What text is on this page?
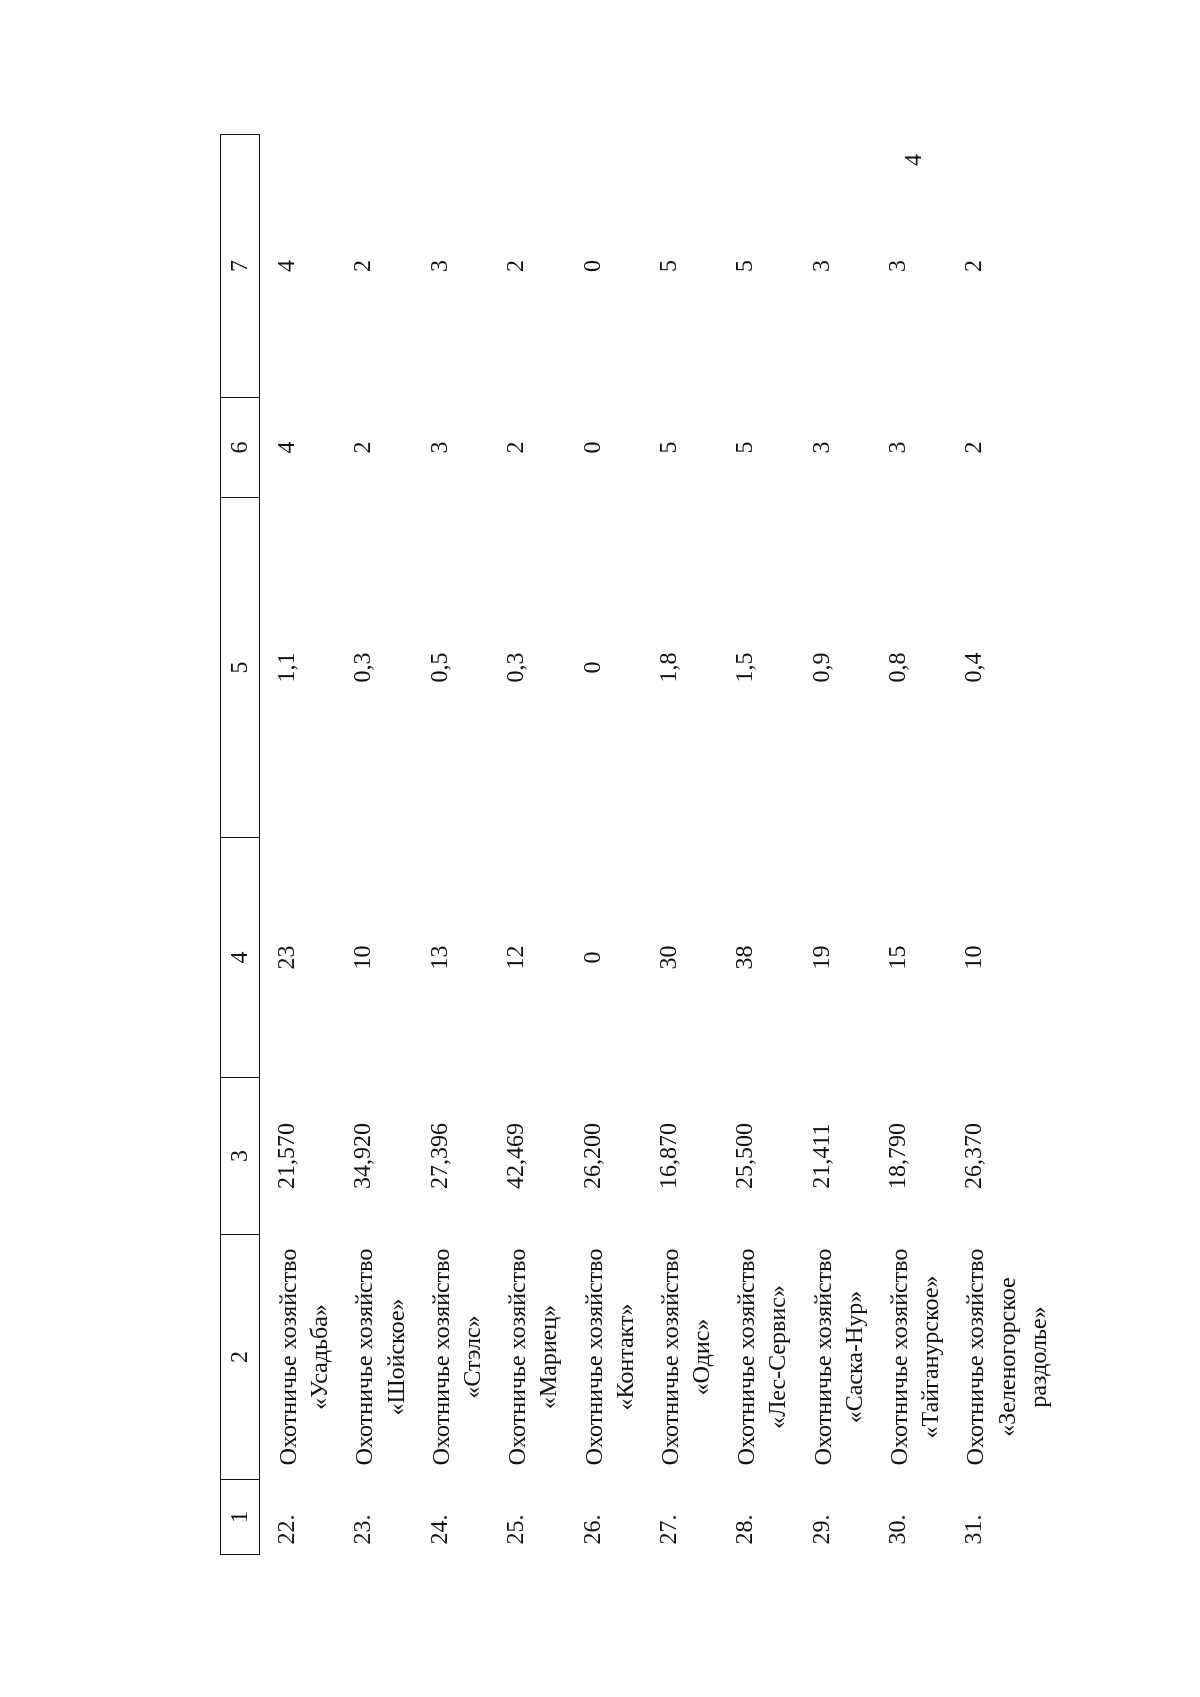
4
1	2	3	4	5	6	7
22.	Охотничье хозяйство «Усадьба»	21,570	23	1,1	4	4
23.	Охотничье хозяйство «Шойское»	34,920	10	0,3	2	2
24.	Охотничье хозяйство «Стэлс»	27,396	13	0,5	3	3
25.	Охотничье хозяйство «Мариец»	42,469	12	0,3	2	2
26.	Охотничье хозяйство «Контакт»	26,200	0	0	0	0
27.	Охотничье хозяйство «Одис»	16,870	30	1,8	5	5
28.	Охотничье хозяйство «Лес-Сервис»	25,500	38	1,5	5	5
29.	Охотничье хозяйство «Саска-Нур»	21,411	19	0,9	3	3
30.	Охотничье хозяйство «Тайганурское»	18,790	15	0,8	3	3
31.	Охотничье хозяйство «Зеленогорское раздолье»	26,370	10	0,4	2	2
